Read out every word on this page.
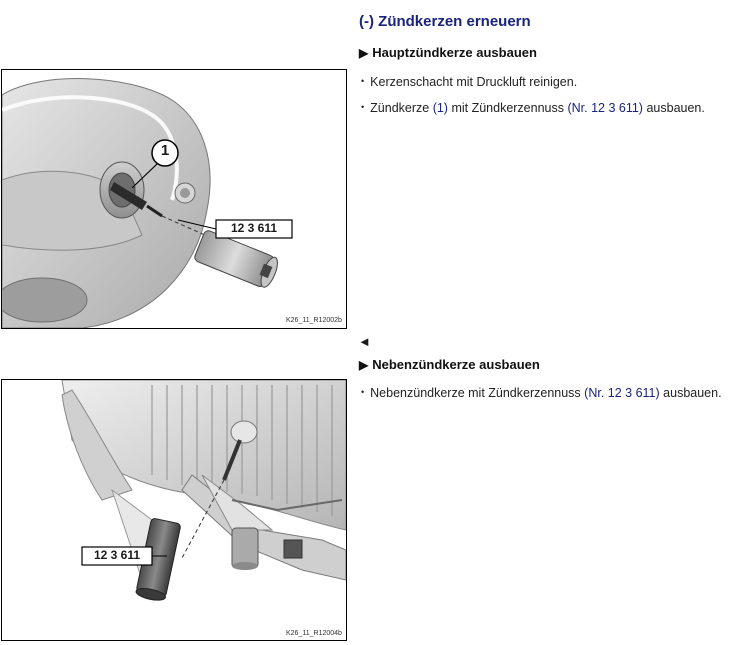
(-) Zündkerzen erneuern
▶ Hauptzündkerze ausbauen
• Kerzenschacht mit Druckluft reinigen.
• Zündkerze (1) mit Zündkerzennuss (Nr. 12 3 611) ausbauen.
1
12 3 611
K26_11_R12002b
◄
▶ Nebenzündkerze ausbauen
• Nebenzündkerze mit Zündkerzennuss (Nr. 12 3 611) ausbauen.
12 3 611
K26_11_R12004b
